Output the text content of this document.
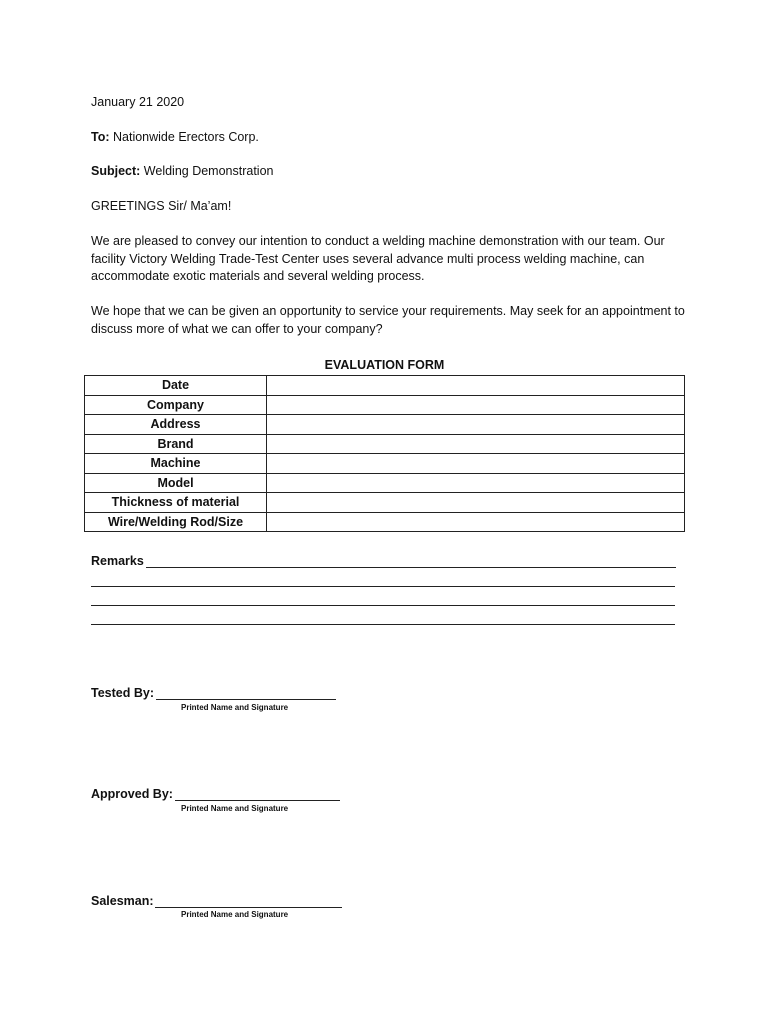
January 21 2020
To: Nationwide Erectors Corp.
Subject: Welding Demonstration
GREETINGS Sir/ Ma’am!
We are pleased to convey our intention to conduct a welding machine demonstration with our team. Our facility Victory Welding Trade-Test Center uses several advance multi process welding machine, can accommodate exotic materials and several welding process.
We hope that we can be given an opportunity to service your requirements. May seek for an appointment to discuss more of what we can offer to your company?
EVALUATION FORM
Date	
Company	
Address	
Brand	
Machine	
Model	
Thickness of material	
Wire/Welding Rod/Size	
Remarks
Tested By:
Printed Name and Signature
Approved By:
Printed Name and Signature
Salesman:
Printed Name and Signature
